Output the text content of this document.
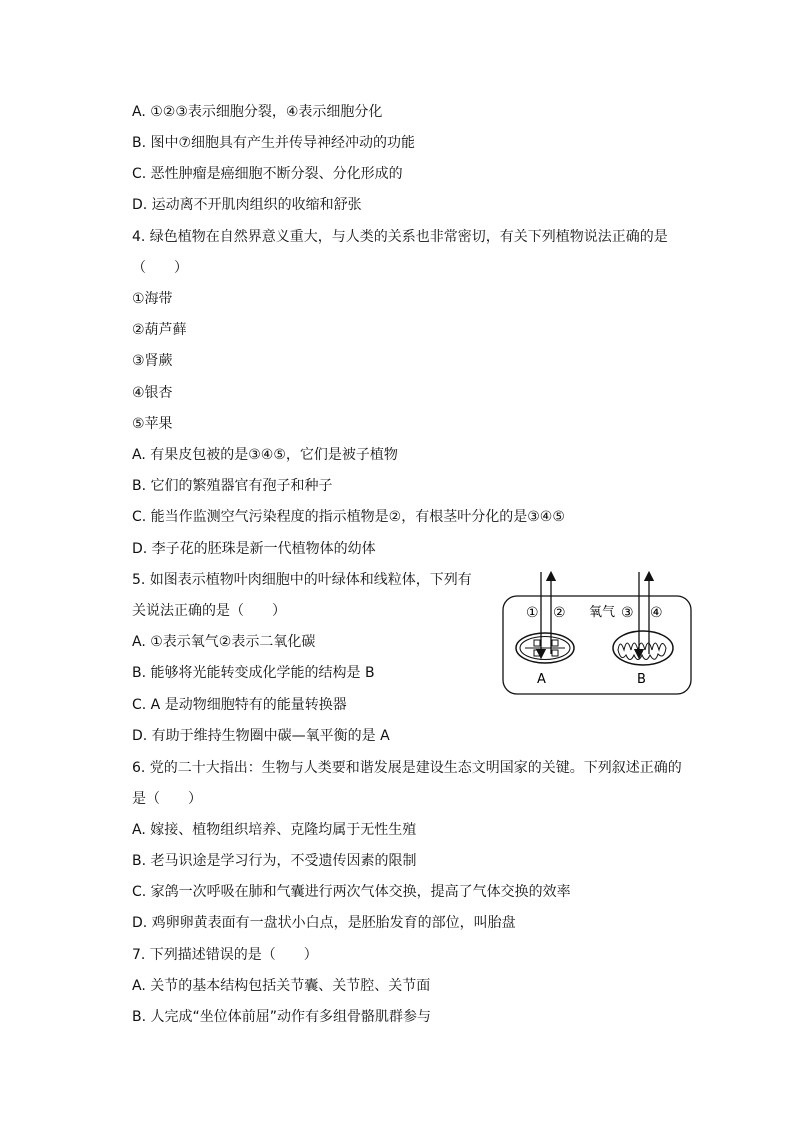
A. ①②③表示细胞分裂，④表示细胞分化
B. 图中⑦细胞具有产生并传导神经冲动的功能
C. 恶性肿瘤是癌细胞不断分裂、分化形成的
D. 运动离不开肌肉组织的收缩和舒张
4. 绿色植物在自然界意义重大，与人类的关系也非常密切，有关下列植物说法正确的是
（　　）
①海带
②葫芦藓
③肾蕨
④银杏
⑤苹果
A. 有果皮包被的是③④⑤，它们是被子植物
B. 它们的繁殖器官有孢子和种子
C. 能当作监测空气污染程度的指示植物是②，有根茎叶分化的是③④⑤
D. 李子花的胚珠是新一代植物体的幼体
5. 如图表示植物叶肉细胞中的叶绿体和线粒体，下列有
关说法正确的是（　　）
A. ①表示氧气②表示二氧化碳
B. 能够将光能转变成化学能的结构是 B
C. A 是动物细胞特有的能量转换器
D. 有助于维持生物圈中碳—氧平衡的是 A
6. 党的二十大指出：生物与人类要和谐发展是建设生态文明国家的关键。下列叙述正确的
是（　　）
A. 嫁接、植物组织培养、克隆均属于无性生殖
B. 老马识途是学习行为，不受遗传因素的限制
C. 家鸽一次呼吸在肺和气囊进行两次气体交换，提高了气体交换的效率
D. 鸡卵卵黄表面有一盘状小白点，是胚胎发育的部位，叫胎盘
7. 下列描述错误的是（　　）
A. 关节的基本结构包括关节囊、关节腔、关节面
B. 人完成“坐位体前屈”动作有多组骨骼肌群参与
① ② 氧气 ③ ④
A	B
